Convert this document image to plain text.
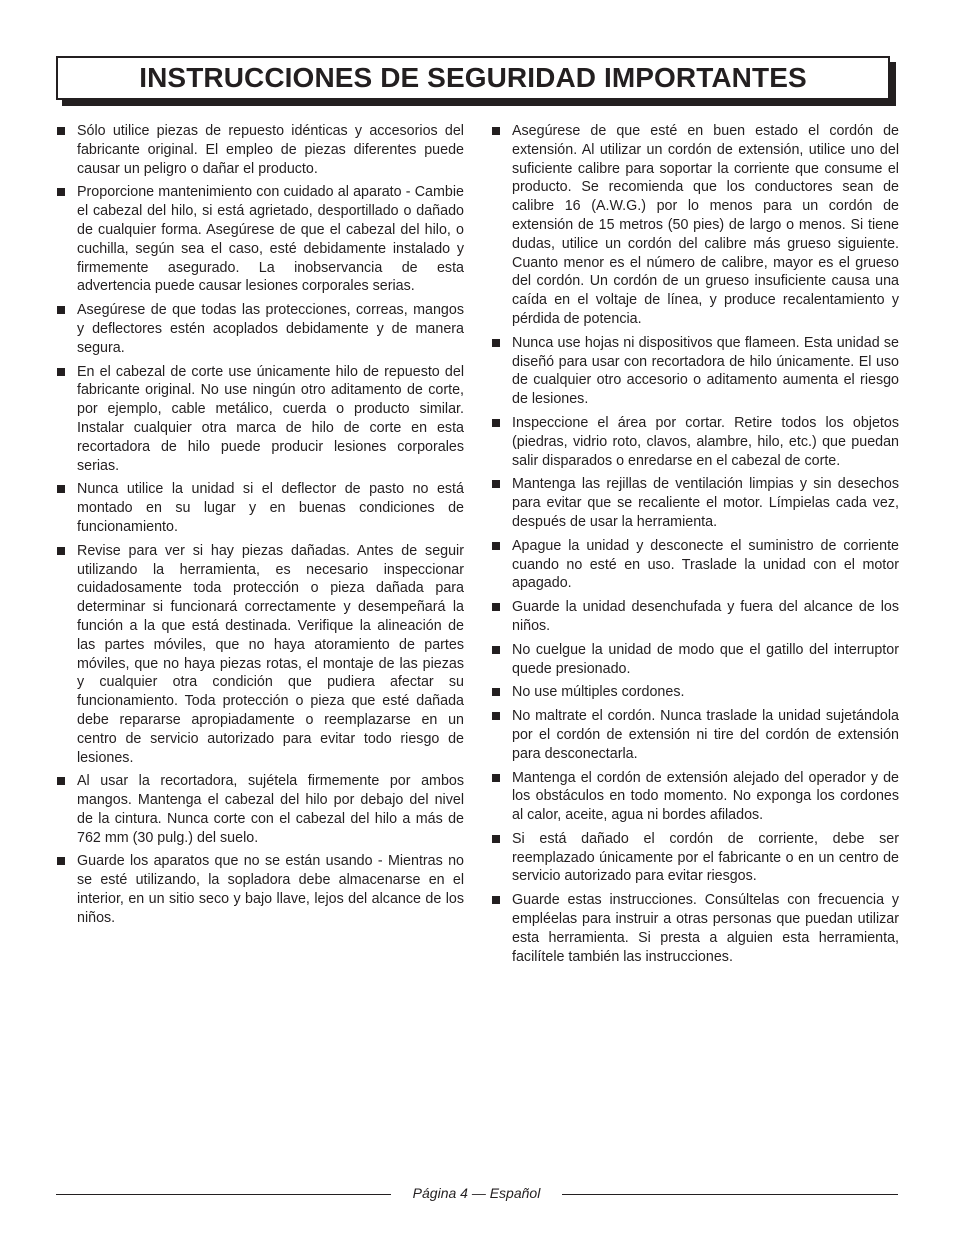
INSTRUCCIONES DE SEGURIDAD IMPORTANTES
Sólo utilice piezas de repuesto idénticas y accesorios del fabricante original. El empleo de piezas diferentes puede causar un peligro o dañar el producto.
Proporcione mantenimiento con cuidado al aparato - Cambie el cabezal del hilo, si está agrietado, desportillado o dañado de cualquier forma. Asegúrese de que el cabezal del hilo, o cuchilla, según sea el caso, esté debidamente instalado y firmemente asegurado. La inobservancia de esta advertencia puede causar lesiones corporales serias.
Asegúrese de que todas las protecciones, correas, mangos y deflectores estén acoplados debidamente y de manera segura.
En el cabezal de corte use únicamente hilo de repuesto del fabricante original. No use ningún otro aditamento de corte, por ejemplo, cable metálico, cuerda o producto similar. Instalar cualquier otra marca de hilo de corte en esta recortadora de hilo puede producir lesiones corporales serias.
Nunca utilice la unidad si el deflector de pasto no está montado en su lugar y en buenas condiciones de funcionamiento.
Revise para ver si hay piezas dañadas. Antes de seguir utilizando la herramienta, es necesario inspeccionar cuidadosamente toda protección o pieza dañada para determinar si funcionará correctamente y desempeñará la función a la que está destinada. Verifique la alineación de las partes móviles, que no haya atoramiento de partes móviles, que no haya piezas rotas, el montaje de las piezas y cualquier otra condición que pudiera afectar su funcionamiento. Toda protección o pieza que esté dañada debe repararse apropiadamente o reemplazarse en un centro de servicio autorizado para evitar todo riesgo de lesiones.
Al usar la recortadora, sujétela firmemente por ambos mangos. Mantenga el cabezal del hilo por debajo del nivel de la cintura. Nunca corte con el cabezal del hilo a más de 762 mm (30 pulg.) del suelo.
Guarde los aparatos que no se están usando - Mientras no se esté utilizando, la sopladora debe almacenarse en el interior, en un sitio seco y bajo llave, lejos del alcance de los niños.
Asegúrese de que esté en buen estado el cordón de extensión. Al utilizar un cordón de extensión, utilice uno del suficiente calibre para soportar la corriente que consume el producto. Se recomienda que los conductores sean de calibre 16 (A.W.G.) por lo menos para un cordón de extensión de 15 metros (50 pies) de largo o menos. Si tiene dudas, utilice un cordón del calibre más grueso siguiente. Cuanto menor es el número de calibre, mayor es el grueso del cordón. Un cordón de un grueso insuficiente causa una caída en el voltaje de línea, y produce recalentamiento y pérdida de potencia.
Nunca use hojas ni dispositivos que flameen. Esta unidad se diseñó para usar con recortadora de hilo únicamente. El uso de cualquier otro accesorio o aditamento aumenta el riesgo de lesiones.
Inspeccione el área por cortar. Retire todos los objetos (piedras, vidrio roto, clavos, alambre, hilo, etc.) que puedan salir disparados o enredarse en el cabezal de corte.
Mantenga las rejillas de ventilación limpias y sin desechos para evitar que se recaliente el motor. Límpielas cada vez, después de usar la herramienta.
Apague la unidad y desconecte el suministro de corriente cuando no esté en uso. Traslade la unidad con el motor apagado.
Guarde la unidad desenchufada y fuera del alcance de los niños.
No cuelgue la unidad de modo que el gatillo del interruptor quede presionado.
No use múltiples cordones.
No maltrate el cordón. Nunca traslade la unidad sujetándola por el cordón de extensión ni tire del cordón de extensión para desconectarla.
Mantenga el cordón de extensión alejado del operador y de los obstáculos en todo momento. No exponga los cordones al calor, aceite, agua ni bordes afilados.
Si está dañado el cordón de corriente, debe ser reemplazado únicamente por el fabricante o en un centro de servicio autorizado para evitar riesgos.
Guarde estas instrucciones. Consúltelas con frecuencia y empléelas para instruir a otras personas que puedan utilizar esta herramienta. Si presta a alguien esta herramienta, facilítele también las instrucciones.
Página 4 — Español
